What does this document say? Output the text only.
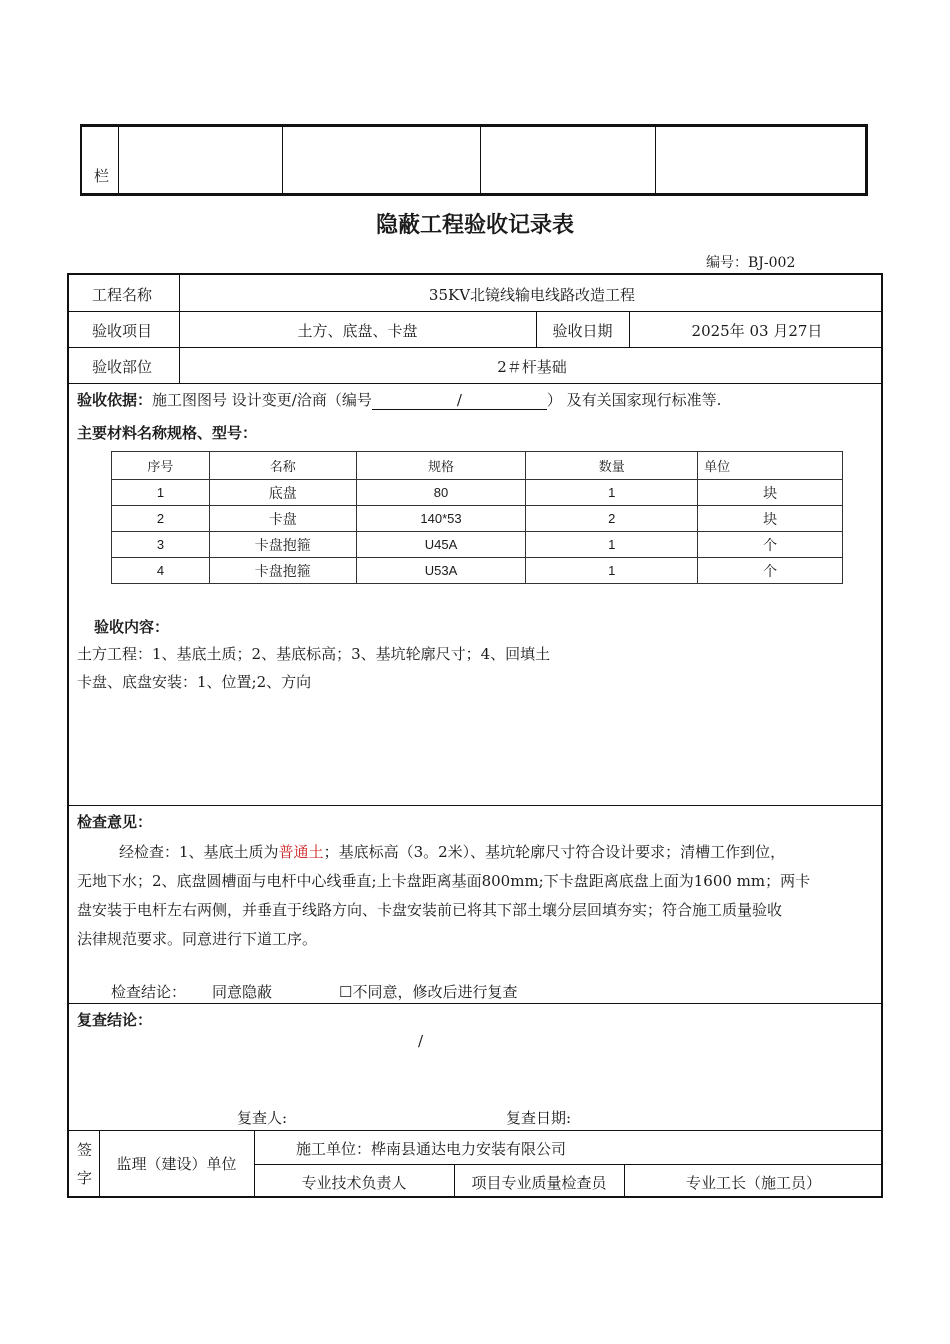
栏
隐蔽工程验收记录表
编号：BJ-002
工程名称	35KV北镜线输电线路改造工程
验收项目	土方、底盘、卡盘	验收日期	2025年 03 月27日
验收部位	2＃杆基础
验收依据：施工图图号 设计变更/洽商（编号	/	） 及有关国家现行标准等.
主要材料名称规格、型号：
序号	名称	规格	数量	单位
1	底盘	80	1	块
2	卡盘	140*53	2	块
3	卡盘抱箍	U45A	1	个
4	卡盘抱箍	U53A	1	个
验收内容：
土方工程：1、基底土质；2、基底标高；3、基坑轮廓尺寸；4、回填土
卡盘、底盘安装：1、位置;2、方向
检查意见：
经检查：1、基底土质为普通土；基底标高（3。2米）、基坑轮廓尺寸符合设计要求；清槽工作到位，
无地下水；2、底盘圆槽面与电杆中心线垂直;上卡盘距离基面800mm;下卡盘距离底盘上面为1600 mm；两卡
盘安装于电杆左右两侧，并垂直于线路方向、卡盘安装前已将其下部土壤分层回填夯实；符合施工质量验收
法律规范要求。同意进行下道工序。
检查结论： 同意隐蔽	☐不同意，修改后进行复查
复查结论：
/
复查人:	复查日期:
签
字
监理（建设）单位
施工单位：桦南县通达电力安装有限公司
专业技术负责人	项目专业质量检查员	专业工长（施工员）
